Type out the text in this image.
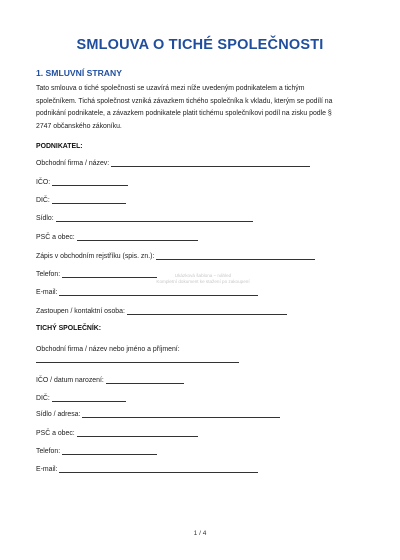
SMLOUVA O TICHÉ SPOLEČNOSTI
1. SMLUVNÍ STRANY
Tato smlouva o tiché společnosti se uzavírá mezi níže uvedeným podnikatelem a tichým
společníkem. Tichá společnost vzniká závazkem tichého společníka k vkladu, kterým se podílí na
podnikání podnikatele, a závazkem podnikatele platit tichému společníkovi podíl na zisku podle §
2747 občanského zákoníku.
PODNIKATEL:
Obchodní firma / název:
IČO:
DIČ:
Sídlo:
PSČ a obec:
Zápis v obchodním rejstříku (spis. zn.):
Telefon:
E-mail:
Zastoupen / kontaktní osoba:
TICHÝ SPOLEČNÍK:
Obchodní firma / název nebo jméno a příjmení:
IČO / datum narození:
DIČ:
Sídlo / adresa:
PSČ a obec:
Telefon:
E-mail:
Ukázková šablona – náhled
Kompletní dokument ke stažení po zakoupení
1 / 4
